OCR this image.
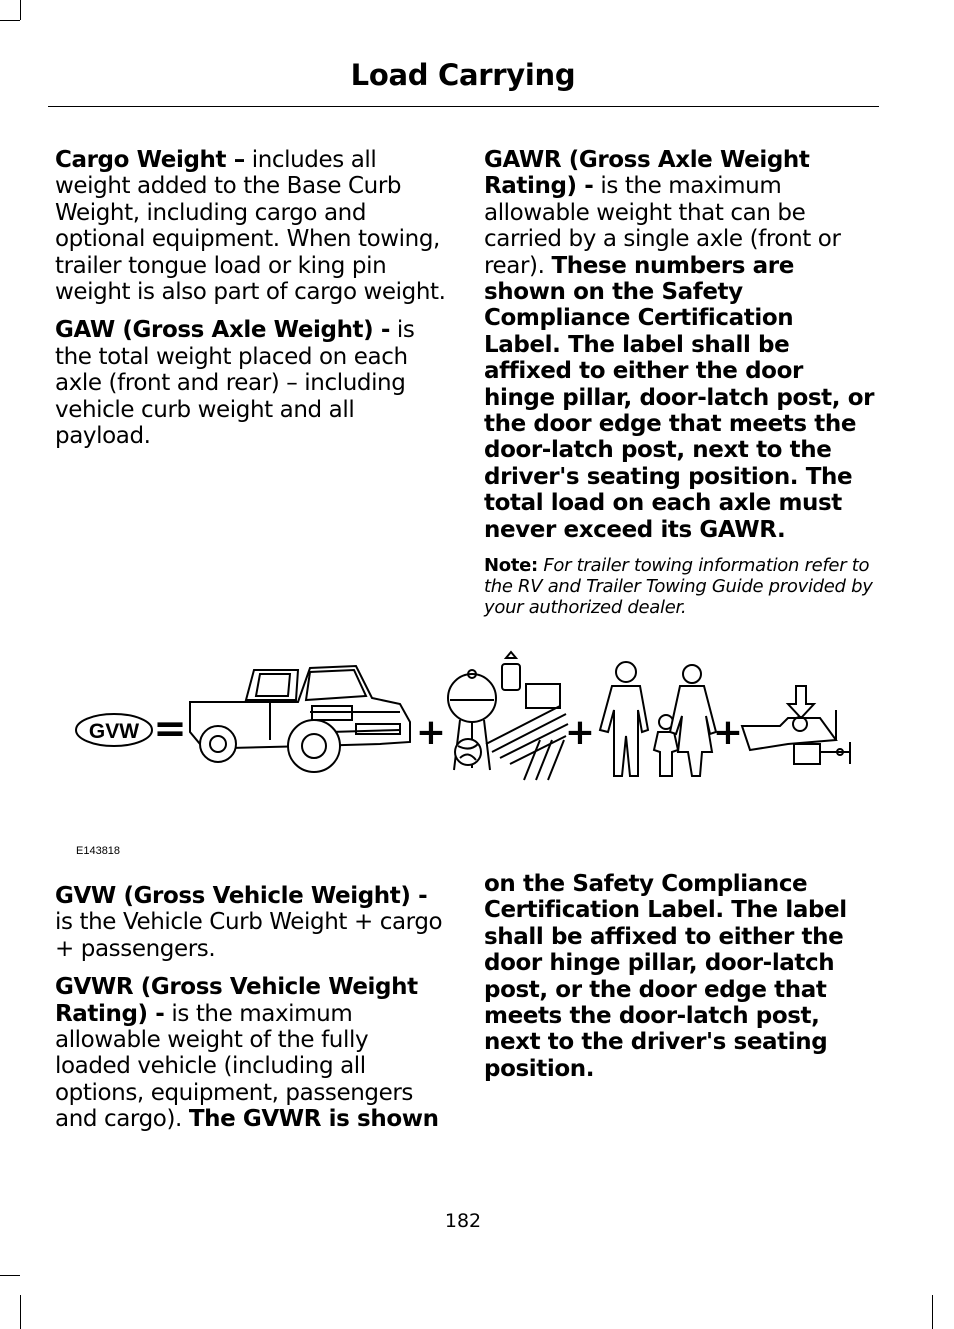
Load Carrying

Cargo Weight – includes all weight added to the Base Curb Weight, including cargo and optional equipment. When towing, trailer tongue load or king pin weight is also part of cargo weight.

GAW (Gross Axle Weight) - is the total weight placed on each axle (front and rear) – including vehicle curb weight and all payload.

GAWR (Gross Axle Weight Rating) - is the maximum allowable weight that can be carried by a single axle (front or rear). These numbers are shown on the Safety Compliance Certification Label. The label shall be affixed to either the door hinge pillar, door-latch post, or the door edge that meets the door-latch post, next to the driver's seating position. The total load on each axle must never exceed its GAWR.

Note: For trailer towing information refer to the RV and Trailer Towing Guide provided by your authorized dealer.
GVW =	+	+	+
E143818

GVW (Gross Vehicle Weight) - is the Vehicle Curb Weight + cargo + passengers.

GVWR (Gross Vehicle Weight Rating) - is the maximum allowable weight of the fully loaded vehicle (including all options, equipment, passengers and cargo). The GVWR is shown

on the Safety Compliance Certification Label. The label shall be affixed to either the door hinge pillar, door-latch post, or the door edge that meets the door-latch post, next to the driver's seating position.

182
